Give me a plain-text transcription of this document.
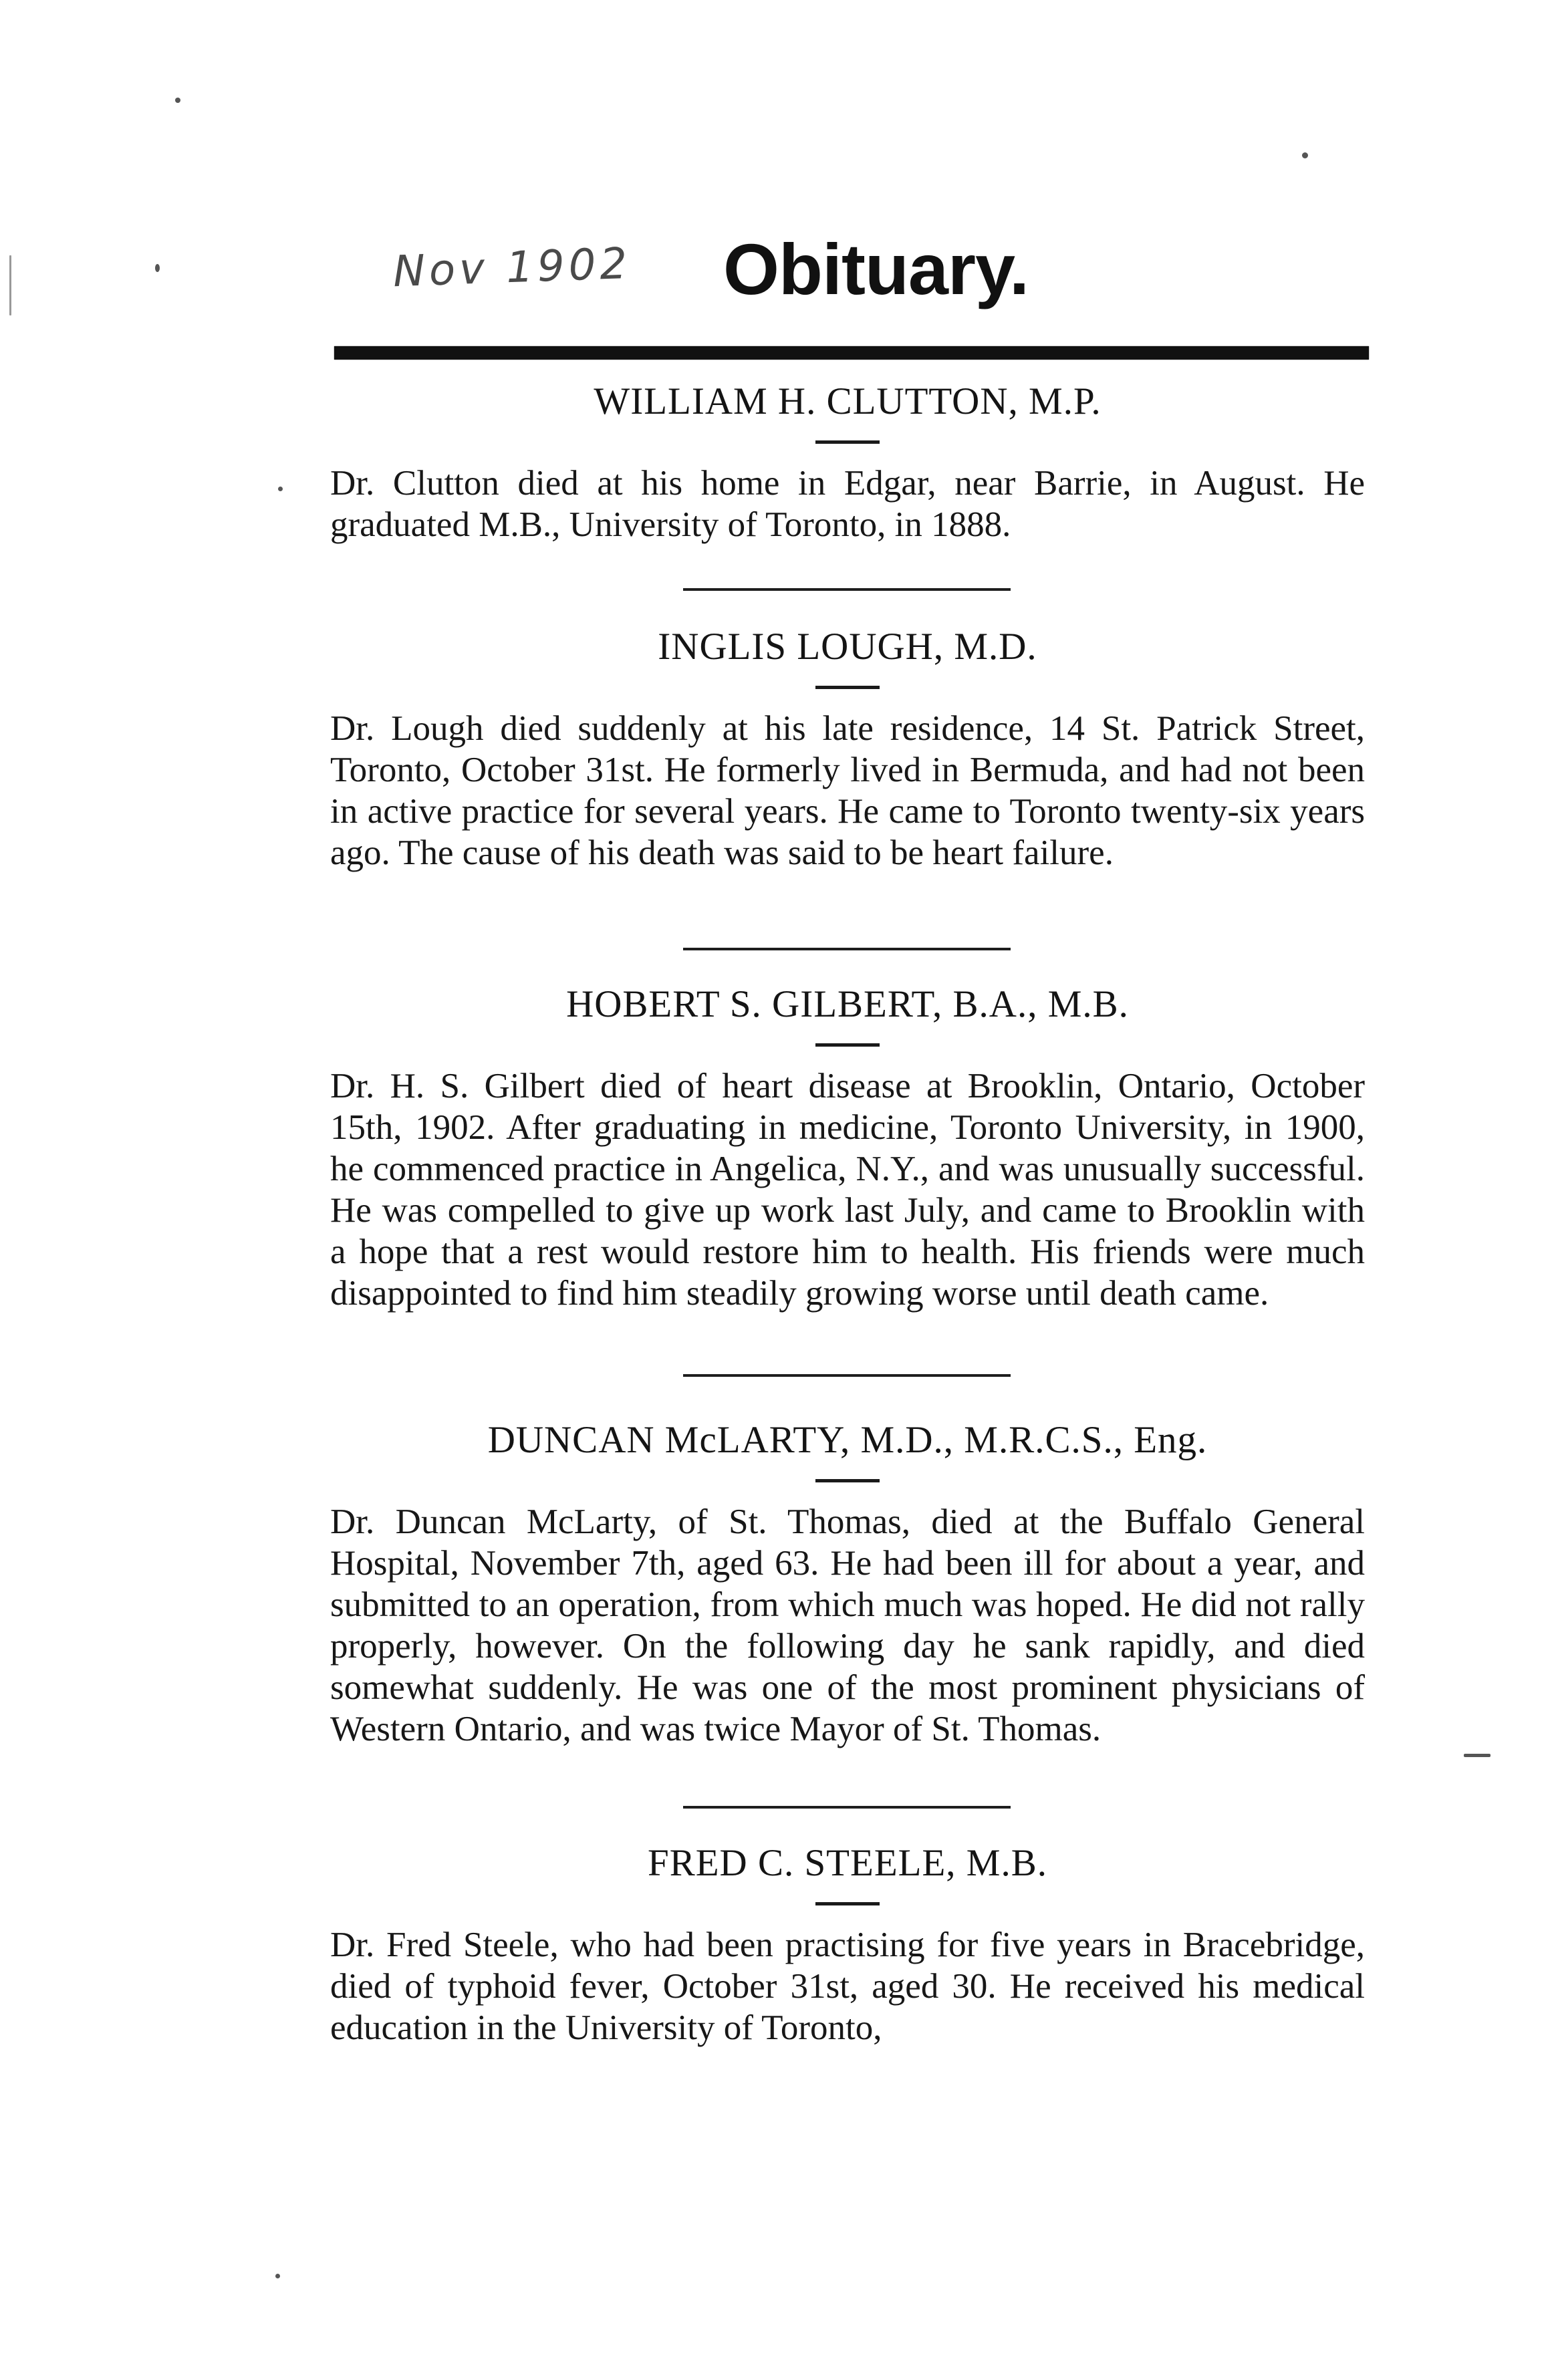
Nov 1902 Obituary.
WILLIAM H. CLUTTON, M.P.

Dr. Clutton died at his home in Edgar, near Barrie, in August. He graduated M.B., University of Toronto, in 1888.

INGLIS LOUGH, M.D.

Dr. Lough died suddenly at his late residence, 14 St. Patrick Street, Toronto, October 31st. He formerly lived in Bermuda, and had not been in active practice for several years. He came to Toronto twenty-six years ago. The cause of his death was said to be heart failure.

HOBERT S. GILBERT, B.A., M.B.

Dr. H. S. Gilbert died of heart disease at Brooklin, Ontario, October 15th, 1902. After graduating in medicine, Toronto University, in 1900, he commenced practice in Angelica, N.Y., and was unusually successful. He was compelled to give up work last July, and came to Brooklin with a hope that a rest would restore him to health. His friends were much disappointed to find him steadily growing worse until death came.

DUNCAN McLARTY, M.D., M.R.C.S., Eng.

Dr. Duncan McLarty, of St. Thomas, died at the Buffalo General Hospital, November 7th, aged 63. He had been ill for about a year, and submitted to an operation, from which much was hoped. He did not rally properly, however. On the following day he sank rapidly, and died somewhat suddenly. He was one of the most prominent physicians of Western Ontario, and was twice Mayor of St. Thomas.

FRED C. STEELE, M.B.

Dr. Fred Steele, who had been practising for five years in Bracebridge, died of typhoid fever, October 31st, aged 30. He received his medical education in the University of Toronto,
